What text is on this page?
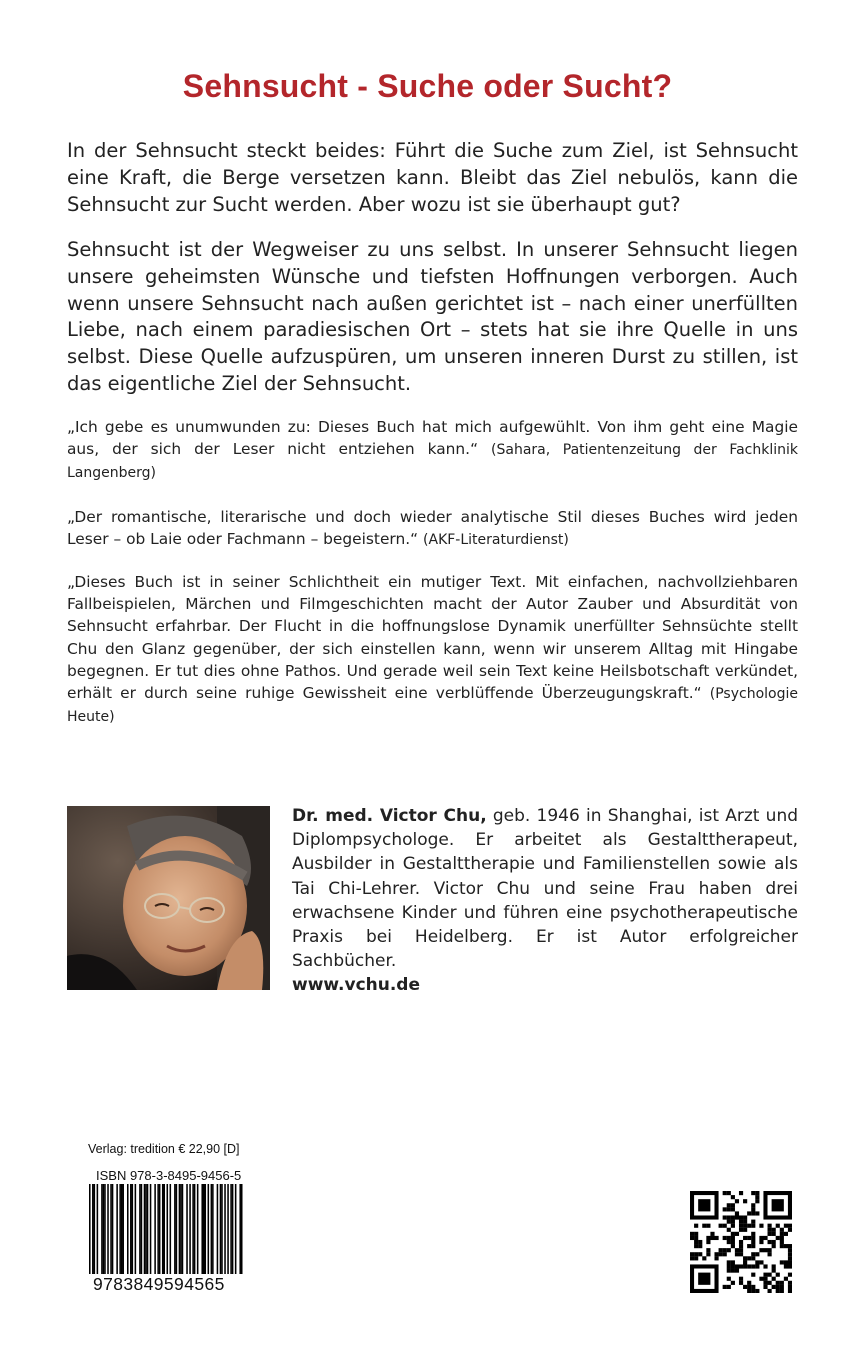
Sehnsucht - Suche oder Sucht?

In der Sehnsucht steckt beides: Führt die Suche zum Ziel, ist Sehnsucht eine Kraft, die Berge versetzen kann. Bleibt das Ziel nebulös, kann die Sehnsucht zur Sucht werden. Aber wozu ist sie überhaupt gut?

Sehnsucht ist der Wegweiser zu uns selbst. In unserer Sehnsucht liegen unsere geheimsten Wünsche und tiefsten Hoffnungen verborgen. Auch wenn unsere Sehnsucht nach außen gerichtet ist – nach einer unerfüllten Liebe, nach einem paradiesischen Ort – stets hat sie ihre Quelle in uns selbst. Diese Quelle aufzuspüren, um unseren inneren Durst zu stillen, ist das eigentliche Ziel der Sehnsucht.

„Ich gebe es unumwunden zu: Dieses Buch hat mich aufgewühlt. Von ihm geht eine Magie aus, der sich der Leser nicht entziehen kann.“ (Sahara, Patientenzeitung der Fachklinik Langenberg)

„Der romantische, literarische und doch wieder analytische Stil dieses Buches wird jeden Leser – ob Laie oder Fachmann – begeistern.“ (AKF-Literaturdienst)

„Dieses Buch ist in seiner Schlichtheit ein mutiger Text. Mit einfachen, nachvollziehbaren Fallbeispielen, Märchen und Filmgeschichten macht der Autor Zauber und Absurdität von Sehnsucht erfahrbar. Der Flucht in die hoffnungslose Dynamik unerfüllter Sehnsüchte stellt Chu den Glanz gegenüber, der sich einstellen kann, wenn wir unserem Alltag mit Hingabe begegnen. Er tut dies ohne Pathos. Und gerade weil sein Text keine Heilsbotschaft verkündet, erhält er durch seine ruhige Gewissheit eine verblüffende Überzeugungskraft.“ (Psychologie Heute)

Dr. med. Victor Chu, geb. 1946 in Shanghai, ist Arzt und Diplompsychologe. Er arbeitet als Gestalttherapeut, Ausbilder in Gestalttherapie und Familienstellen sowie als Tai Chi-Lehrer. Victor Chu und seine Frau haben drei erwachsene Kinder und führen eine psychotherapeutische Praxis bei Heidelberg. Er ist Autor erfolgreicher Sachbücher.
www.vchu.de

Verlag: tredition € 22,90 [D]
ISBN 978-3-8495-9456-5
9783849594565
